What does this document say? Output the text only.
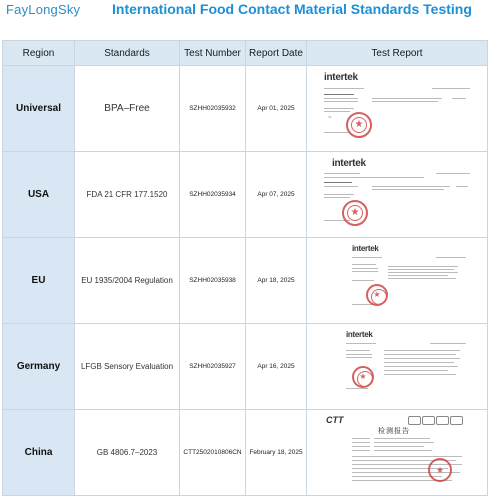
FayLongSky International Food Contact Material Standards Testing
Region	Standards	Test Number	Report Date	Test Report
Universal	BPA–Free	SZHH02035932	Apr 01, 2025	intertek
~
★

USA	FDA 21 CFR 177.1520	SZHH02035934	Apr 07, 2025	intertek
★

EU	EU 1935/2004 Regulation	SZHH02035938	Apr 18, 2025	intertek
★

Germany	LFGB Sensory Evaluation	SZHH02035927	Apr 16, 2025	intertek
★

China	GB 4806.7–2023	CTT2502010806CN	February 18, 2025	CTT
检测报告
★
